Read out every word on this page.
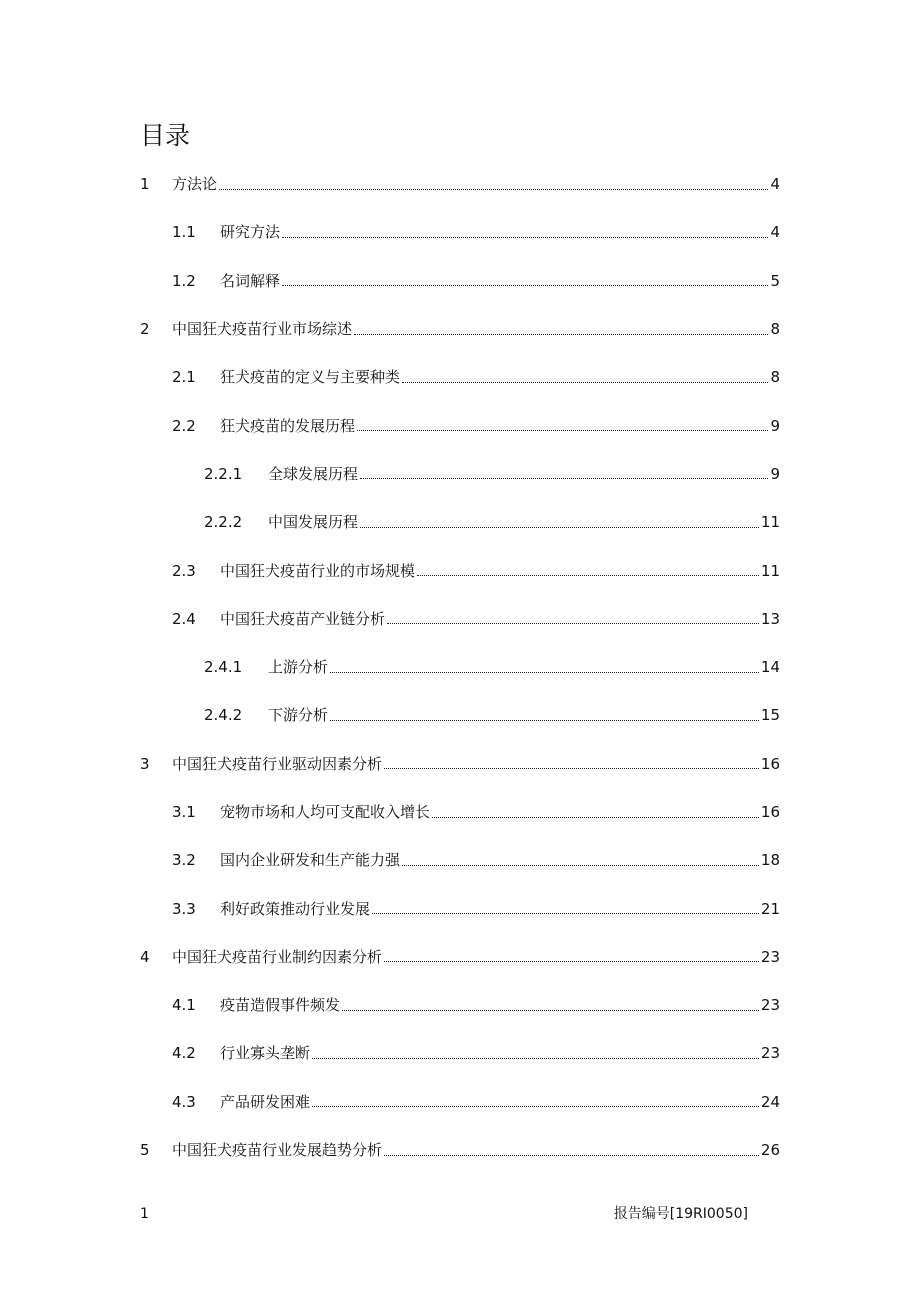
目录
1	方法论	4
1.1	研究方法	4
1.2	名词解释	5
2	中国狂犬疫苗行业市场综述	8
2.1	狂犬疫苗的定义与主要种类	8
2.2	狂犬疫苗的发展历程	9
2.2.1	全球发展历程	9
2.2.2	中国发展历程	11
2.3	中国狂犬疫苗行业的市场规模	11
2.4	中国狂犬疫苗产业链分析	13
2.4.1	上游分析	14
2.4.2	下游分析	15
3	中国狂犬疫苗行业驱动因素分析	16
3.1	宠物市场和人均可支配收入增长	16
3.2	国内企业研发和生产能力强	18
3.3	利好政策推动行业发展	21
4	中国狂犬疫苗行业制约因素分析	23
4.1	疫苗造假事件频发	23
4.2	行业寡头垄断	23
4.3	产品研发困难	24
5	中国狂犬疫苗行业发展趋势分析	26
1	报告编号[19RI0050]
